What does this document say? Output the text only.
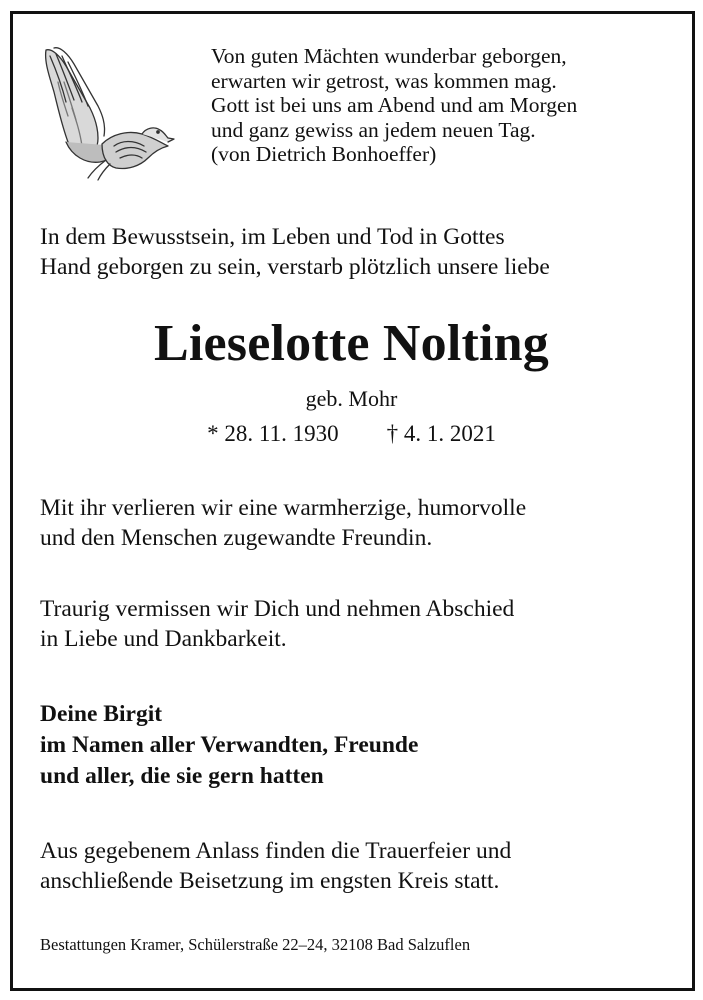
Von guten Mächten wunderbar geborgen,
erwarten wir getrost, was kommen mag.
Gott ist bei uns am Abend und am Morgen
und ganz gewiss an jedem neuen Tag.
(von Dietrich Bonhoeffer)
In dem Bewusstsein, im Leben und Tod in Gottes
Hand geborgen zu sein, verstarb plötzlich unsere liebe
Lieselotte Nolting
geb. Mohr
* 28. 11. 1930 † 4. 1. 2021
Mit ihr verlieren wir eine warmherzige, humorvolle
und den Menschen zugewandte Freundin.
Traurig vermissen wir Dich und nehmen Abschied
in Liebe und Dankbarkeit.
Deine Birgit
im Namen aller Verwandten, Freunde
und aller, die sie gern hatten
Aus gegebenem Anlass finden die Trauerfeier und
anschließende Beisetzung im engsten Kreis statt.
Bestattungen Kramer, Schülerstraße 22–24, 32108 Bad Salzuflen
